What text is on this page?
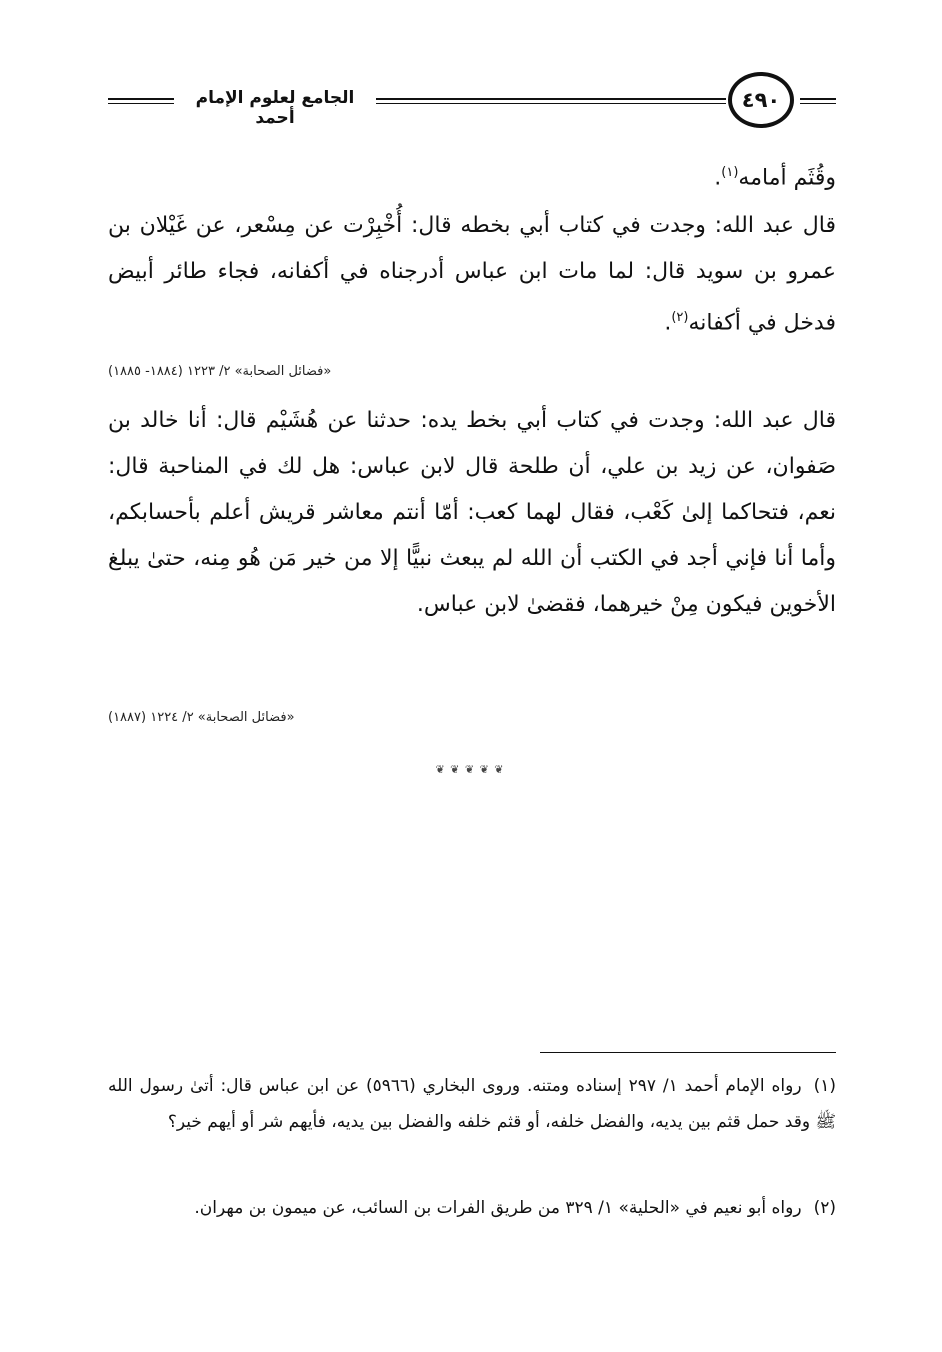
الجامع لعلوم الإمام أحمد
٤٩٠
وقُثَم أمامه$^{(١)}$.
قال عبد الله: وجدت في كتاب أبي بخطه قال: أُخْبِرْت عن مِسْعر، عن غَيْلان بن عمرو بن سويد قال: لما مات ابن عباس أدرجناه في أكفانه، فجاء طائر أبيض فدخل في أكفانه$^{(٢)}$.
«فضائل الصحابة» ٢/ ١٢٢٣ (١٨٨٤- ١٨٨٥)
قال عبد الله: وجدت في كتاب أبي بخط يده: حدثنا عن هُشَيْم قال: أنا خالد بن صَفوان، عن زيد بن علي، أن طلحة قال لابن عباس: هل لك في المناحبة قال: نعم، فتحاكما إلىٰ كَعْب، فقال لهما كعب: أمّا أنتم معاشر قريش أعلم بأحسابكم، وأما أنا فإني أجد في الكتب أن الله لم يبعث نبيًّا إلا من خير مَن هُو مِنه، حتىٰ يبلغ الأخوين فيكون مِنْ خيرهما، فقضىٰ لابن عباس.
«فضائل الصحابة» ٢/ ١٢٢٤ (١٨٨٧)
❦ ❦ ❦ ❦ ❦
(١)رواه الإمام أحمد ١/ ٢٩٧ إسناده ومتنه. وروى البخاري (٥٩٦٦) عن ابن عباس قال: أتىٰ رسول الله ﷺ وقد حمل قثم بين يديه، والفضل خلفه، أو قثم خلفه والفضل بين يديه، فأيهم شر أو أيهم خير؟
(٢)رواه أبو نعيم في «الحلية» ١/ ٣٢٩ من طريق الفرات بن السائب، عن ميمون بن مهران.
